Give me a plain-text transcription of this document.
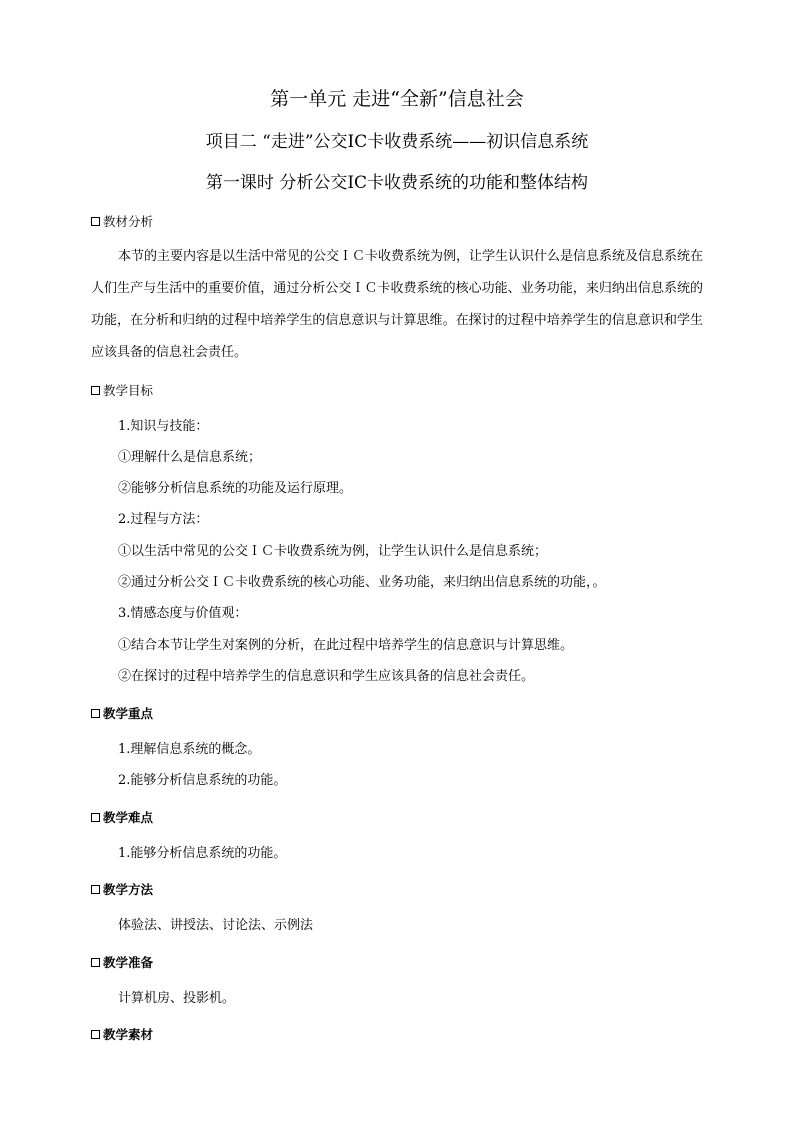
第一单元 走进“全新”信息社会
项目二 “走进”公交IC卡收费系统——初识信息系统
第一课时 分析公交IC卡收费系统的功能和整体结构
教材分析

本节的主要内容是以生活中常见的公交ＩＣ卡收费系统为例，让学生认识什么是信息系统及信息系统在人们生产与生活中的重要价值，通过分析公交ＩＣ卡收费系统的核心功能、业务功能，来归纳出信息系统的功能，在分析和归纳的过程中培养学生的信息意识与计算思维。在探讨的过程中培养学生的信息意识和学生应该具备的信息社会责任。

教学目标
1.知识与技能：
①理解什么是信息系统；
②能够分析信息系统的功能及运行原理。
2.过程与方法：
①以生活中常见的公交ＩＣ卡收费系统为例，让学生认识什么是信息系统；
②通过分析公交ＩＣ卡收费系统的核心功能、业务功能，来归纳出信息系统的功能，。
3.情感态度与价值观：
①结合本节让学生对案例的分析，在此过程中培养学生的信息意识与计算思维。
②在探讨的过程中培养学生的信息意识和学生应该具备的信息社会责任。
教学重点
1.理解信息系统的概念。
2.能够分析信息系统的功能。
教学难点
1.能够分析信息系统的功能。
教学方法
体验法、讲授法、讨论法、示例法
教学准备
计算机房、投影机。
教学素材
